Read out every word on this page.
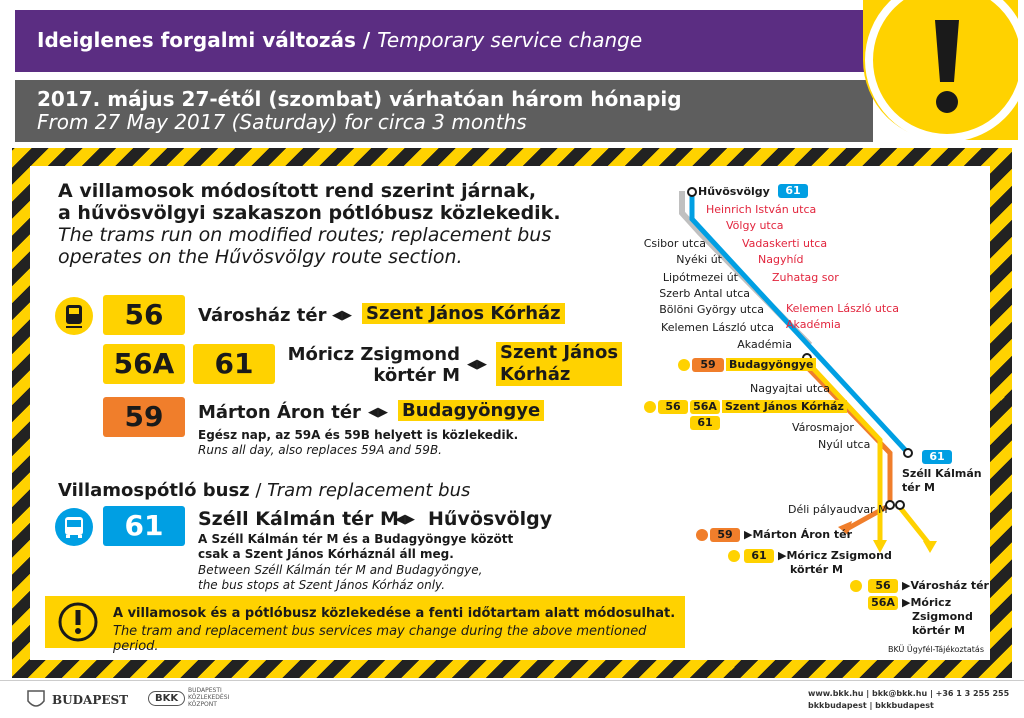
Ideiglenes forgalmi változás / Temporary service change
2017. május 27-étől (szombat) várhatóan három hónapig
From 27 May 2017 (Saturday) for circa 3 months
A villamosok módosított rend szerint járnak,
a hűvösvölgyi szakaszon pótlóbusz közlekedik.
The trams run on modified routes; replacement bus
operates on the Hűvösvölgy route section.
56	Városház tér ◀▶ Szent János Kórház
56A	61	Móricz Zsigmond
körtér M
◀▶
Szent János
Kórház
59	Márton Áron tér ◀▶ Budagyöngye
Egész nap, az 59A és 59B helyett is közlekedik.
Runs all day, also replaces 59A and 59B.
Villamospótló busz / Tram replacement bus
61	Széll Kálmán tér M
◀▶ Hűvösvölgy
A Széll Kálmán tér M és a Budagyöngye között
csak a Szent János Kórháznál áll meg.
Between Széll Kálmán tér M and Budagyöngye,
the bus stops at Szent János Kórház only.
A villamosok és a pótlóbusz közlekedése a fenti időtartam alatt módosulhat.
The tram and replacement bus services may change during the above mentioned period.
Hűvösvölgy	61
Heinrich István utca
Völgy utca
Vadaskerti utca
Nagyhíd
Zuhatag sor
Kelemen László utca
Akadémia
Csibor utca
Nyéki út
Lipótmezei út
Szerb Antal utca
Bölöni György utca
Kelemen László utca
Akadémia
59	Budagyöngye
Nagyajtai utca
56	56A
61
Szent János Kórház
Városmajor
Nyúl utca
61
Széll Kálmán
tér M
Déli pályaudvar M
59	▶Márton Áron tér
61	▶Móricz Zsigmond
körtér M
56	▶Városház tér
56A ▶Móricz
Zsigmond
körtér M
BKÜ Ügyfél-Tájékoztatás
BUDAPEST	BKK
BUDAPESTI
KÖZLEKEDÉSI
KÖZPONT
www.bkk.hu | bkk@bkk.hu | +36 1 3 255 255
bkkbudapest | bkkbudapest
